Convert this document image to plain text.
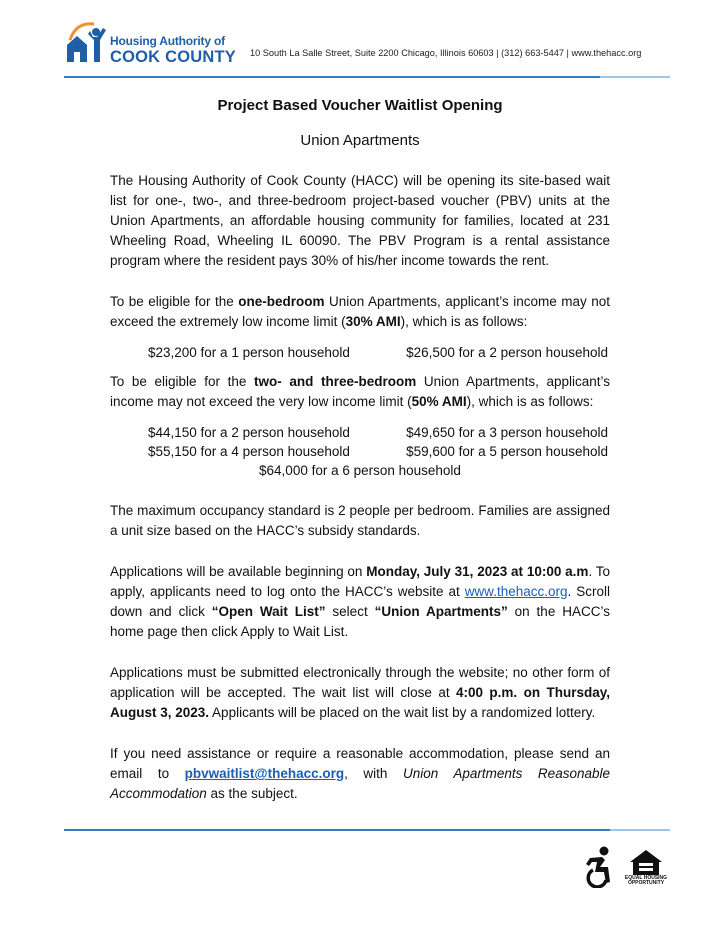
Housing Authority of
COOK COUNTY 10 South La Salle Street, Suite 2200 Chicago, Illinois 60603 | (312) 663-5447 | www.thehacc.org
Project Based Voucher Waitlist Opening
Union Apartments

The Housing Authority of Cook County (HACC) will be opening its site-based wait list for one-, two-, and three-bedroom project-based voucher (PBV) units at the Union Apartments, an affordable housing community for families, located at 231 Wheeling Road, Wheeling IL 60090. The PBV Program is a rental assistance program where the resident pays 30% of his/her income towards the rent.

To be eligible for the one-bedroom Union Apartments, applicant’s income may not exceed the extremely low income limit (30% AMI), which is as follows:

$23,200 for a 1 person household	$26,500 for a 2 person household

To be eligible for the two- and three-bedroom Union Apartments, applicant’s income may not exceed the very low income limit (50% AMI), which is as follows:

$44,150 for a 2 person household	$49,650 for a 3 person household
$55,150 for a 4 person household	$59,600 for a 5 person household
$64,000 for a 6 person household

The maximum occupancy standard is 2 people per bedroom. Families are assigned a unit size based on the HACC’s subsidy standards.

Applications will be available beginning on Monday, July 31, 2023 at 10:00 a.m. To apply, applicants need to log onto the HACC’s website at www.thehacc.org. Scroll down and click “Open Wait List” select “Union Apartments” on the HACC’s home page then click Apply to Wait List.

Applications must be submitted electronically through the website; no other form of application will be accepted. The wait list will close at 4:00 p.m. on Thursday, August 3, 2023. Applicants will be placed on the wait list by a randomized lottery.

If you need assistance or require a reasonable accommodation, please send an email to pbvwaitlist@thehacc.org, with Union Apartments Reasonable Accommodation as the subject.

EQUAL HOUSING OPPORTUNITY
